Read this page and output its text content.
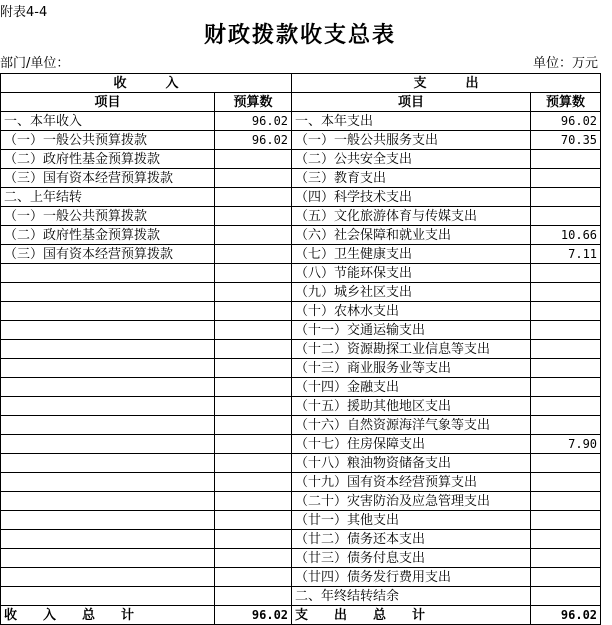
附表4-4
财政拨款收支总表
部门/单位：	单位：万元
收　　　入		支　　　出	
项目	预算数	项目	预算数
一、本年收入	96.02	一、本年支出	96.02
（一）一般公共预算拨款	96.02	（一）一般公共服务支出	70.35
（二）政府性基金预算拨款		（二）公共安全支出	
（三）国有资本经营预算拨款		（三）教育支出	
二、上年结转		（四）科学技术支出	
（一）一般公共预算拨款		（五）文化旅游体育与传媒支出	
（二）政府性基金预算拨款		（六）社会保障和就业支出	10.66
（三）国有资本经营预算拨款		（七）卫生健康支出	7.11
		（八）节能环保支出	
		（九）城乡社区支出	
		（十）农林水支出	
		（十一）交通运输支出	
		（十二）资源勘探工业信息等支出	
		（十三）商业服务业等支出	
		（十四）金融支出	
		（十五）援助其他地区支出	
		（十六）自然资源海洋气象等支出	
		（十七）住房保障支出	7.90
		（十八）粮油物资储备支出	
		（十九）国有资本经营预算支出	
		（二十）灾害防治及应急管理支出	
		（廿一）其他支出	
		（廿二）债务还本支出	
		（廿三）债务付息支出	
		（廿四）债务发行费用支出	
		二、年终结转结余	
收　　入　　总　　计	96.02	支　　出　　总　　计	96.02
